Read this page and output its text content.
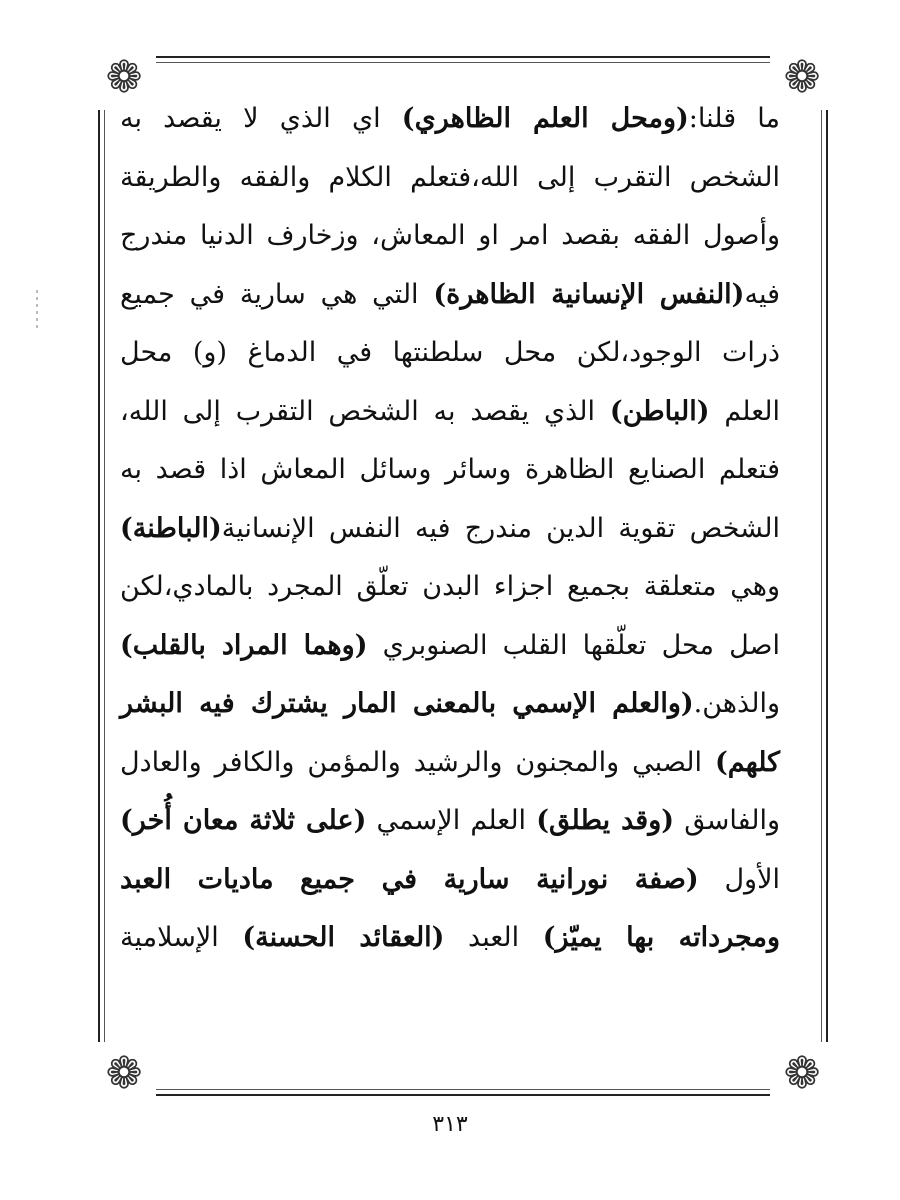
❁	❁
❁	❁
ما قلنا:(ومحل العلم الظاهري) اي الذي لا يقصد به
الشخص التقرب إلى الله،فتعلم الكلام والفقه والطريقة
وأصول الفقه بقصد امر او المعاش، وزخارف الدنيا مندرج
فيه(النفس الإنسانية الظاهرة) التي هي سارية في جميع
ذرات الوجود،لكن محل سلطنتها في الدماغ (و) محل
العلم (الباطن) الذي يقصد به الشخص التقرب إلى الله،
فتعلم الصنايع الظاهرة وسائر وسائل المعاش اذا قصد به
الشخص تقوية الدين مندرج فيه النفس الإنسانية(الباطنة)
وهي متعلقة بجميع اجزاء البدن تعلّق المجرد بالمادي،لكن
اصل محل تعلّقها القلب الصنوبري (وهما المراد بالقلب)
والذهن.(والعلم الإسمي بالمعنى المار يشترك فيه البشر
كلهم) الصبي والمجنون والرشيد والمؤمن والكافر والعادل
والفاسق (وقد يطلق) العلم الإسمي (على ثلاثة معان أُخر)
الأول (صفة نورانية سارية في جميع ماديات العبد
ومجرداته بها يميّز) العبد (العقائد الحسنة) الإسلامية
٣١٣
